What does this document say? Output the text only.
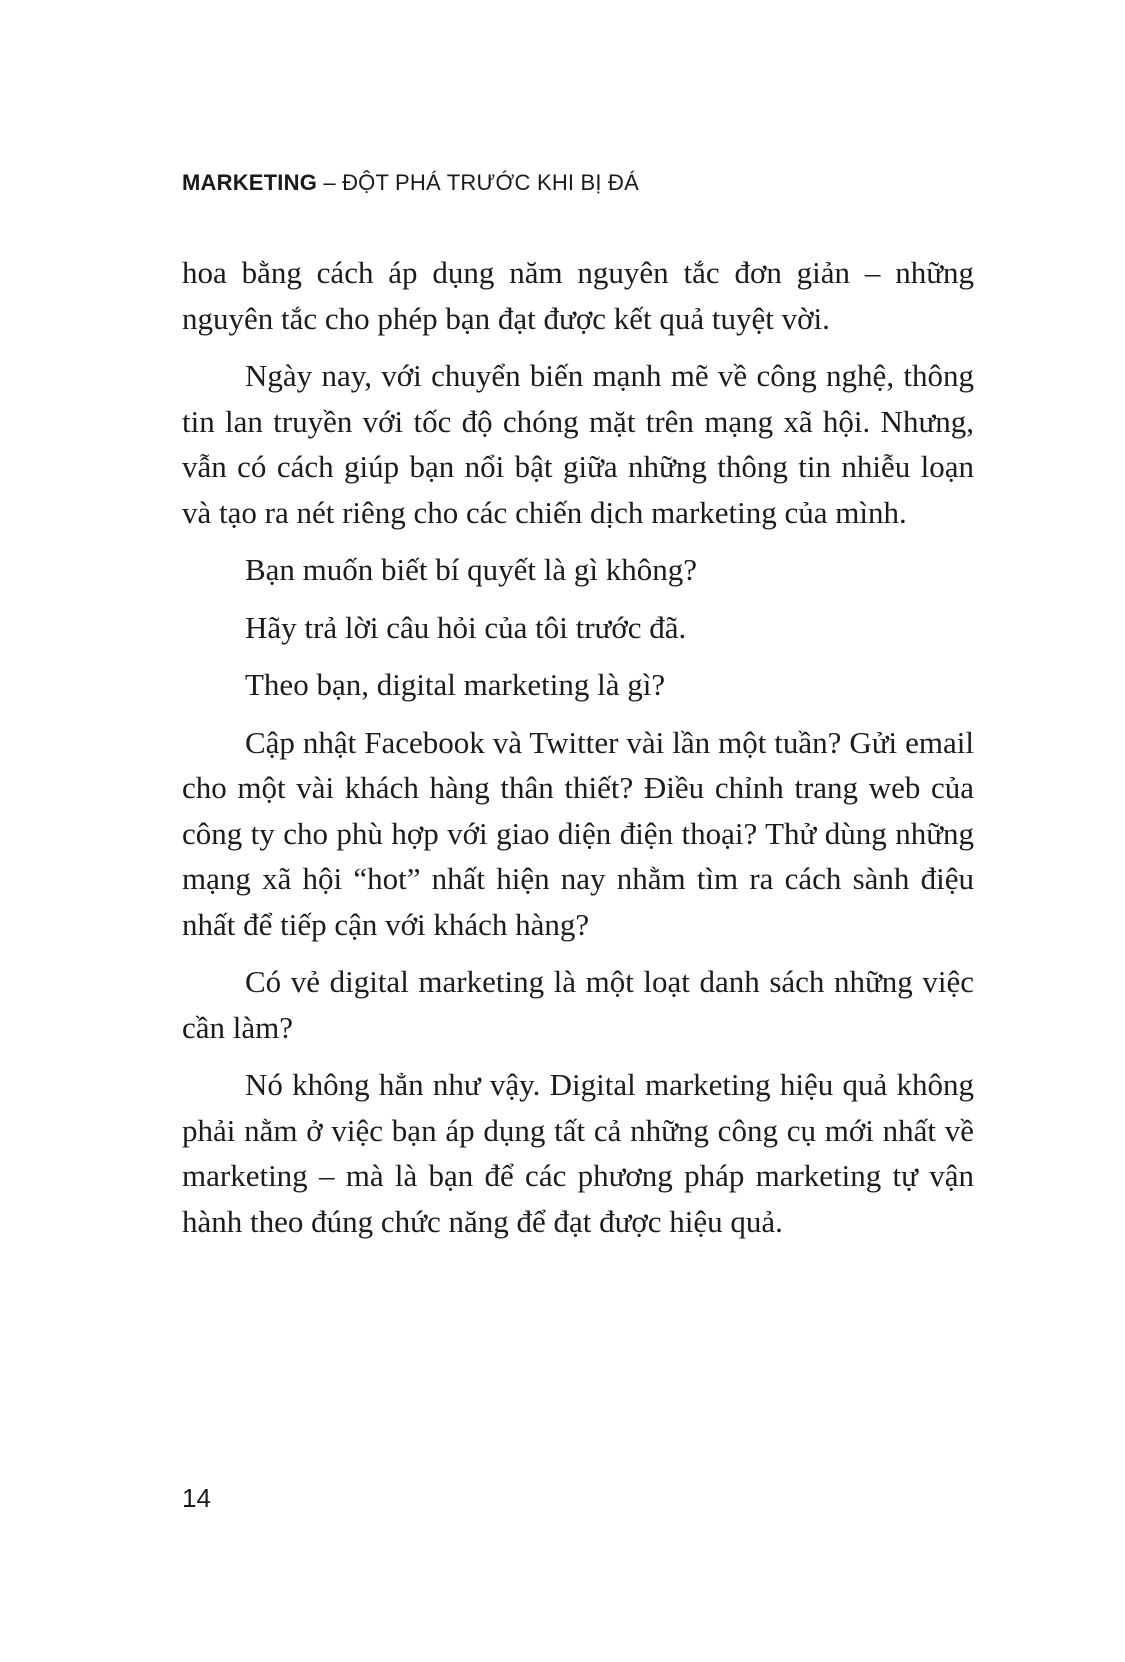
MARKETING – ĐỘT PHÁ TRƯỚC KHI BỊ ĐÁ

hoa bằng cách áp dụng năm nguyên tắc đơn giản – những nguyên tắc cho phép bạn đạt được kết quả tuyệt vời.

Ngày nay, với chuyển biến mạnh mẽ về công nghệ, thông tin lan truyền với tốc độ chóng mặt trên mạng xã hội. Nhưng, vẫn có cách giúp bạn nổi bật giữa những thông tin nhiễu loạn và tạo ra nét riêng cho các chiến dịch marketing của mình.

Bạn muốn biết bí quyết là gì không?

Hãy trả lời câu hỏi của tôi trước đã.

Theo bạn, digital marketing là gì?

Cập nhật Facebook và Twitter vài lần một tuần? Gửi email cho một vài khách hàng thân thiết? Điều chỉnh trang web của công ty cho phù hợp với giao diện điện thoại? Thử dùng những mạng xã hội “hot” nhất hiện nay nhằm tìm ra cách sành điệu nhất để tiếp cận với khách hàng?

Có vẻ digital marketing là một loạt danh sách những việc cần làm?

Nó không hẳn như vậy. Digital marketing hiệu quả không phải nằm ở việc bạn áp dụng tất cả những công cụ mới nhất về marketing – mà là bạn để các phương pháp marketing tự vận hành theo đúng chức năng để đạt được hiệu quả.

14
